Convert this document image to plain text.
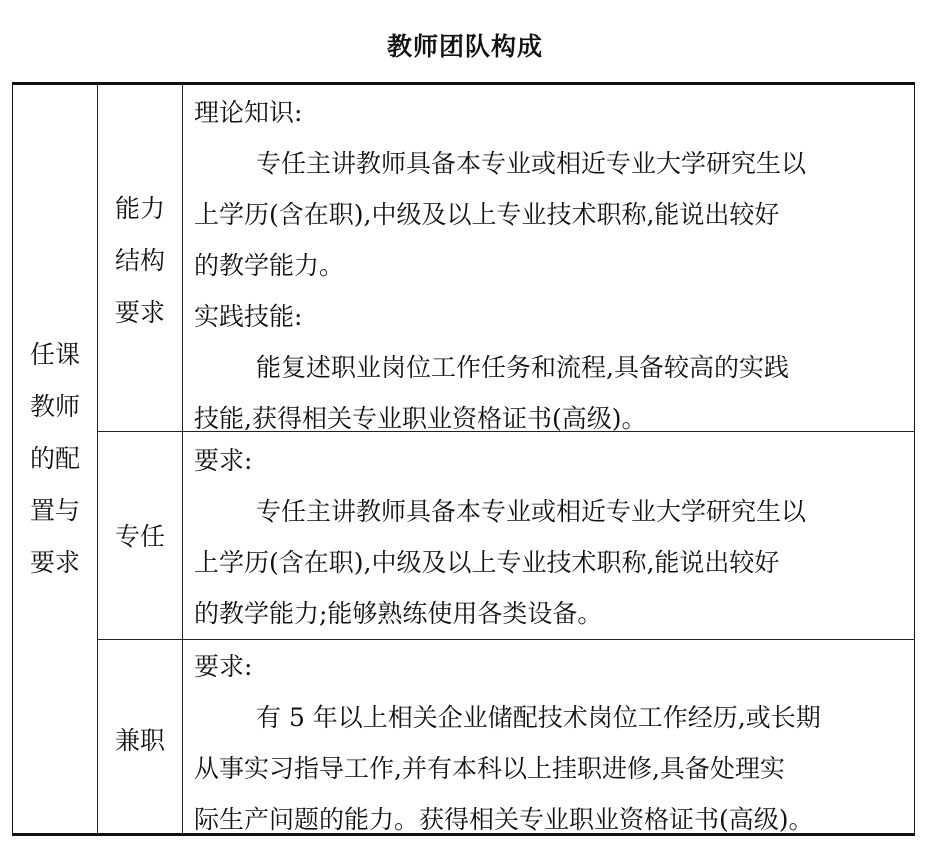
教师团队构成
任课
教师
的配
置与
要求
能力
结构
要求
专任
兼职

理论知识:

专任主讲教师具备本专业或相近专业大学研究生以

上学历(含在职),中级及以上专业技术职称,能说出较好

的教学能力。

实践技能:

能复述职业岗位工作任务和流程,具备较高的实践

技能,获得相关专业职业资格证书(高级)。

要求:

专任主讲教师具备本专业或相近专业大学研究生以

上学历(含在职),中级及以上专业技术职称,能说出较好

的教学能力;能够熟练使用各类设备。

要求:

有 5 年以上相关企业储配技术岗位工作经历,或长期

从事实习指导工作,并有本科以上挂职进修,具备处理实

际生产问题的能力。获得相关专业职业资格证书(高级)。
